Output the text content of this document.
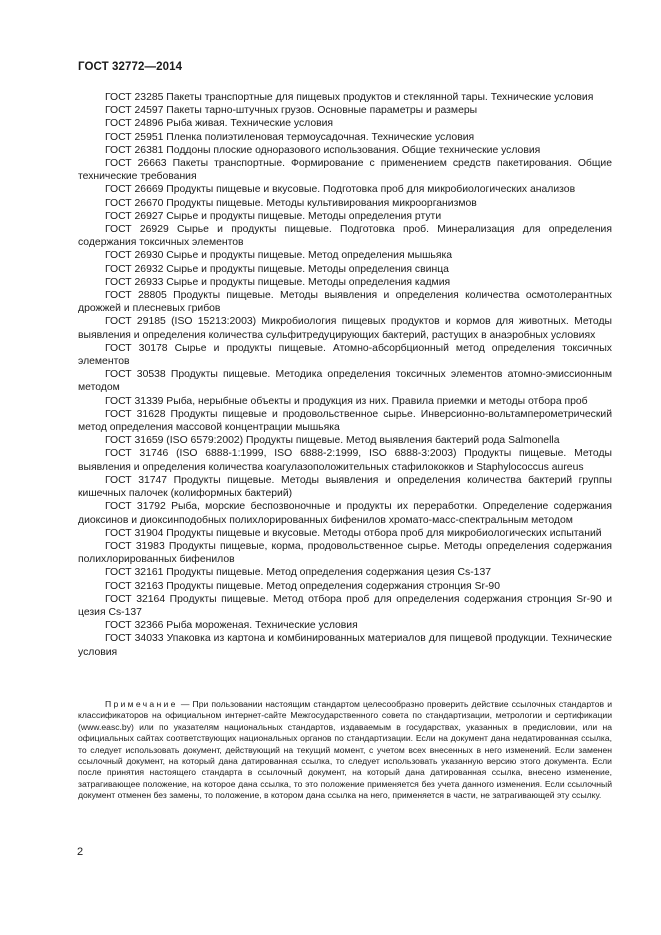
ГОСТ 32772—2014

ГОСТ 23285 Пакеты транспортные для пищевых продуктов и стеклянной тары. Технические условия

ГОСТ 24597 Пакеты тарно-штучных грузов. Основные параметры и размеры

ГОСТ 24896 Рыба живая. Технические условия

ГОСТ 25951 Пленка полиэтиленовая термоусадочная. Технические условия

ГОСТ 26381 Поддоны плоские одноразового использования. Общие технические условия

ГОСТ 26663 Пакеты транспортные. Формирование с применением средств пакетирования. Общие технические требования

ГОСТ 26669 Продукты пищевые и вкусовые. Подготовка проб для микробиологических анализов

ГОСТ 26670 Продукты пищевые. Методы культивирования микроорганизмов

ГОСТ 26927 Сырье и продукты пищевые. Методы определения ртути

ГОСТ 26929 Сырье и продукты пищевые. Подготовка проб. Минерализация для определения содержания токсичных элементов

ГОСТ 26930 Сырье и продукты пищевые. Метод определения мышьяка

ГОСТ 26932 Сырье и продукты пищевые. Методы определения свинца

ГОСТ 26933 Сырье и продукты пищевые. Методы определения кадмия

ГОСТ 28805 Продукты пищевые. Методы выявления и определения количества осмотолерантных дрожжей и плесневых грибов

ГОСТ 29185 (ISO 15213:2003) Микробиология пищевых продуктов и кормов для животных. Методы выявления и определения количества сульфитредуцирующих бактерий, растущих в анаэробных условиях

ГОСТ 30178 Сырье и продукты пищевые. Атомно-абсорбционный метод определения токсичных элементов

ГОСТ 30538 Продукты пищевые. Методика определения токсичных элементов атомно-эмиссионным методом

ГОСТ 31339 Рыба, нерыбные объекты и продукция из них. Правила приемки и методы отбора проб

ГОСТ 31628 Продукты пищевые и продовольственное сырье. Инверсионно-вольтамперометрический метод определения массовой концентрации мышьяка

ГОСТ 31659 (ISO 6579:2002) Продукты пищевые. Метод выявления бактерий рода Salmonella

ГОСТ 31746 (ISO 6888-1:1999, ISO 6888-2:1999, ISO 6888-3:2003) Продукты пищевые. Методы выявления и определения количества коагулазоположительных стафилококков и Staphylococcus aureus

ГОСТ 31747 Продукты пищевые. Методы выявления и определения количества бактерий группы кишечных палочек (колиформных бактерий)

ГОСТ 31792 Рыба, морские беспозвоночные и продукты их переработки. Определение содержания диоксинов и диоксинподобных полихлорированных бифенилов хромато-масс-спектральным методом

ГОСТ 31904 Продукты пищевые и вкусовые. Методы отбора проб для микробиологических испытаний

ГОСТ 31983 Продукты пищевые, корма, продовольственное сырье. Методы определения содержания полихлорированных бифенилов

ГОСТ 32161 Продукты пищевые. Метод определения содержания цезия Cs-137

ГОСТ 32163 Продукты пищевые. Метод определения содержания стронция Sr-90

ГОСТ 32164 Продукты пищевые. Метод отбора проб для определения содержания стронция Sr-90 и цезия Cs-137

ГОСТ 32366 Рыба мороженая. Технические условия

ГОСТ 34033 Упаковка из картона и комбинированных материалов для пищевой продукции. Технические условия

Примечание — При пользовании настоящим стандартом целесообразно проверить действие ссылочных стандартов и классификаторов на официальном интернет-сайте Межгосударственного совета по стандартизации, метрологии и сертификации (www.easc.by) или по указателям национальных стандартов, издаваемым в государствах, указанных в предисловии, или на официальных сайтах соответствующих национальных органов по стандартизации. Если на документ дана недатированная ссылка, то следует использовать документ, действующий на текущий момент, с учетом всех внесенных в него изменений. Если заменен ссылочный документ, на который дана датированная ссылка, то следует использовать указанную версию этого документа. Если после принятия настоящего стандарта в ссылочный документ, на который дана датированная ссылка, внесено изменение, затрагивающее положение, на которое дана ссылка, то это положение применяется без учета данного изменения. Если ссылочный документ отменен без замены, то положение, в котором дана ссылка на него, применяется в части, не затрагивающей эту ссылку.

2
